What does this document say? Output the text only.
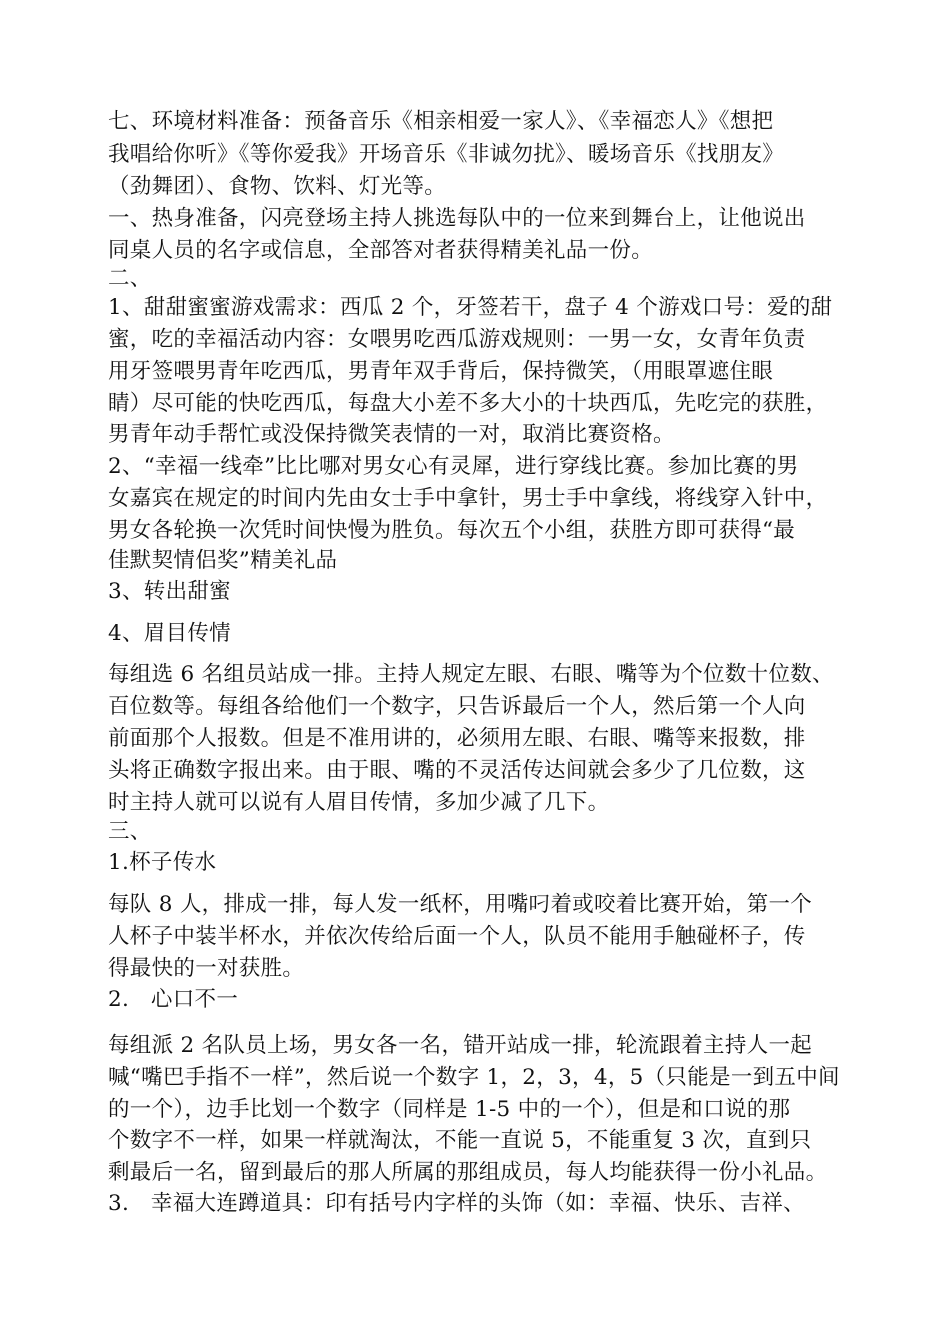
七、环境材料准备：预备音乐《相亲相爱一家人》、《幸福恋人》《想把

我唱给你听》《等你爱我》开场音乐《非诚勿扰》、暖场音乐《找朋友》

（劲舞团）、食物、饮料、灯光等。

一、热身准备，闪亮登场主持人挑选每队中的一位来到舞台上，让他说出

同桌人员的名字或信息，全部答对者获得精美礼品一份。

二、

1、甜甜蜜蜜游戏需求：西瓜 2 个，牙签若干，盘子 4 个游戏口号：爱的甜

蜜，吃的幸福活动内容：女喂男吃西瓜游戏规则：一男一女，女青年负责

用牙签喂男青年吃西瓜，男青年双手背后，保持微笑，（用眼罩遮住眼

睛）尽可能的快吃西瓜，每盘大小差不多大小的十块西瓜，先吃完的获胜，

男青年动手帮忙或没保持微笑表情的一对，取消比赛资格。

2、“幸福一线牵”比比哪对男女心有灵犀，进行穿线比赛。参加比赛的男

女嘉宾在规定的时间内先由女士手中拿针，男士手中拿线，将线穿入针中，

男女各轮换一次凭时间快慢为胜负。每次五个小组，获胜方即可获得“最

佳默契情侣奖”精美礼品

3、转出甜蜜

4、眉目传情

每组选 6 名组员站成一排。主持人规定左眼、右眼、嘴等为个位数十位数、

百位数等。每组各给他们一个数字，只告诉最后一个人，然后第一个人向

前面那个人报数。但是不准用讲的，必须用左眼、右眼、嘴等来报数，排

头将正确数字报出来。由于眼、嘴的不灵活传达间就会多少了几位数，这

时主持人就可以说有人眉目传情，多加少减了几下。

三、

1.杯子传水

每队 8 人，排成一排，每人发一纸杯，用嘴叼着或咬着比赛开始，第一个

人杯子中装半杯水，并依次传给后面一个人，队员不能用手触碰杯子，传

得最快的一对获胜。

2.　心口不一

每组派 2 名队员上场，男女各一名，错开站成一排，轮流跟着主持人一起

喊“嘴巴手指不一样”，然后说一个数字 1，2，3，4，5（只能是一到五中间

的一个），边手比划一个数字（同样是 1-5 中的一个），但是和口说的那

个数字不一样，如果一样就淘汰，不能一直说 5，不能重复 3 次，直到只

剩最后一名，留到最后的那人所属的那组成员，每人均能获得一份小礼品。

3.　幸福大连蹲道具：印有括号内字样的头饰（如：幸福、快乐、吉祥、
